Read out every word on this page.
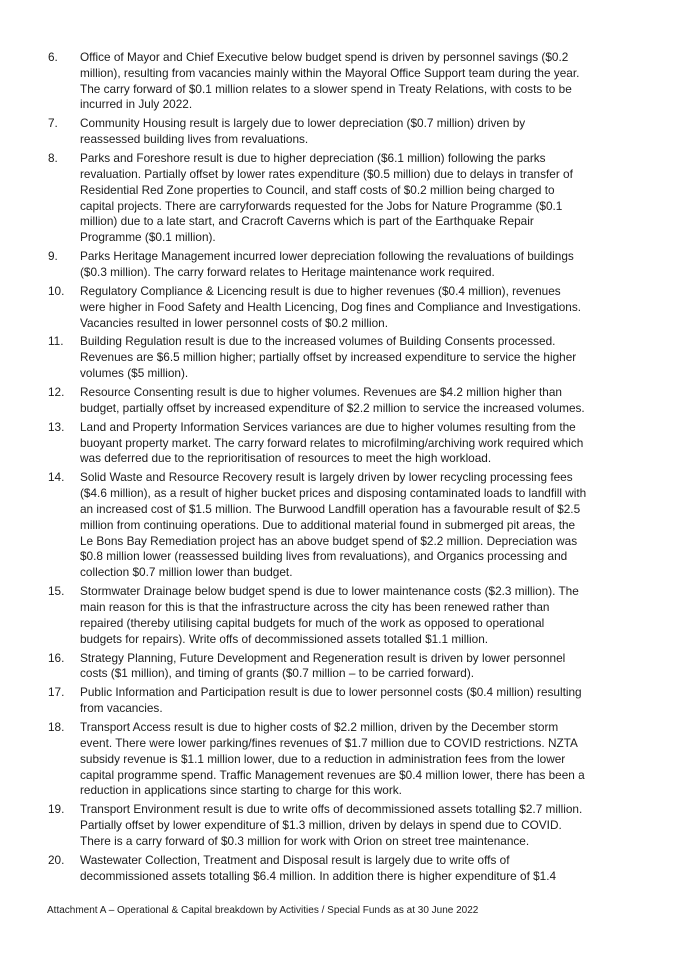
6.	Office of Mayor and Chief Executive below budget spend is driven by personnel savings ($0.2 million), resulting from vacancies mainly within the Mayoral Office Support team during the year. The carry forward of $0.1 million relates to a slower spend in Treaty Relations, with costs to be incurred in July 2022.
7.	Community Housing result is largely due to lower depreciation ($0.7 million) driven by reassessed building lives from revaluations.
8.	Parks and Foreshore result is due to higher depreciation ($6.1 million) following the parks revaluation. Partially offset by lower rates expenditure ($0.5 million) due to delays in transfer of Residential Red Zone properties to Council, and staff costs of $0.2 million being charged to capital projects. There are carryforwards requested for the Jobs for Nature Programme ($0.1 million) due to a late start, and Cracroft Caverns which is part of the Earthquake Repair Programme ($0.1 million).
9.	Parks Heritage Management incurred lower depreciation following the revaluations of buildings ($0.3 million). The carry forward relates to Heritage maintenance work required.
10.	Regulatory Compliance & Licencing result is due to higher revenues ($0.4 million), revenues were higher in Food Safety and Health Licencing, Dog fines and Compliance and Investigations. Vacancies resulted in lower personnel costs of $0.2 million.
11.	Building Regulation result is due to the increased volumes of Building Consents processed. Revenues are $6.5 million higher; partially offset by increased expenditure to service the higher volumes ($5 million).
12.	Resource Consenting result is due to higher volumes. Revenues are $4.2 million higher than budget, partially offset by increased expenditure of $2.2 million to service the increased volumes.
13.	Land and Property Information Services variances are due to higher volumes resulting from the buoyant property market. The carry forward relates to microfilming/archiving work required which was deferred due to the reprioritisation of resources to meet the high workload.
14.	Solid Waste and Resource Recovery result is largely driven by lower recycling processing fees ($4.6 million), as a result of higher bucket prices and disposing contaminated loads to landfill with an increased cost of $1.5 million. The Burwood Landfill operation has a favourable result of $2.5 million from continuing operations. Due to additional material found in submerged pit areas, the Le Bons Bay Remediation project has an above budget spend of $2.2 million. Depreciation was $0.8 million lower (reassessed building lives from revaluations), and Organics processing and collection $0.7 million lower than budget.
15.	Stormwater Drainage below budget spend is due to lower maintenance costs ($2.3 million). The main reason for this is that the infrastructure across the city has been renewed rather than repaired (thereby utilising capital budgets for much of the work as opposed to operational budgets for repairs). Write offs of decommissioned assets totalled $1.1 million.
16.	Strategy Planning, Future Development and Regeneration result is driven by lower personnel costs ($1 million), and timing of grants ($0.7 million – to be carried forward).
17.	Public Information and Participation result is due to lower personnel costs ($0.4 million) resulting from vacancies.
18.	Transport Access result is due to higher costs of $2.2 million, driven by the December storm event. There were lower parking/fines revenues of $1.7 million due to COVID restrictions. NZTA subsidy revenue is $1.1 million lower, due to a reduction in administration fees from the lower capital programme spend. Traffic Management revenues are $0.4 million lower, there has been a reduction in applications since starting to charge for this work.
19.	Transport Environment result is due to write offs of decommissioned assets totalling $2.7 million. Partially offset by lower expenditure of $1.3 million, driven by delays in spend due to COVID. There is a carry forward of $0.3 million for work with Orion on street tree maintenance.
20.	Wastewater Collection, Treatment and Disposal result is largely due to write offs of decommissioned assets totalling $6.4 million. In addition there is higher expenditure of $1.4
Attachment A – Operational & Capital breakdown by Activities / Special Funds as at 30 June 2022
